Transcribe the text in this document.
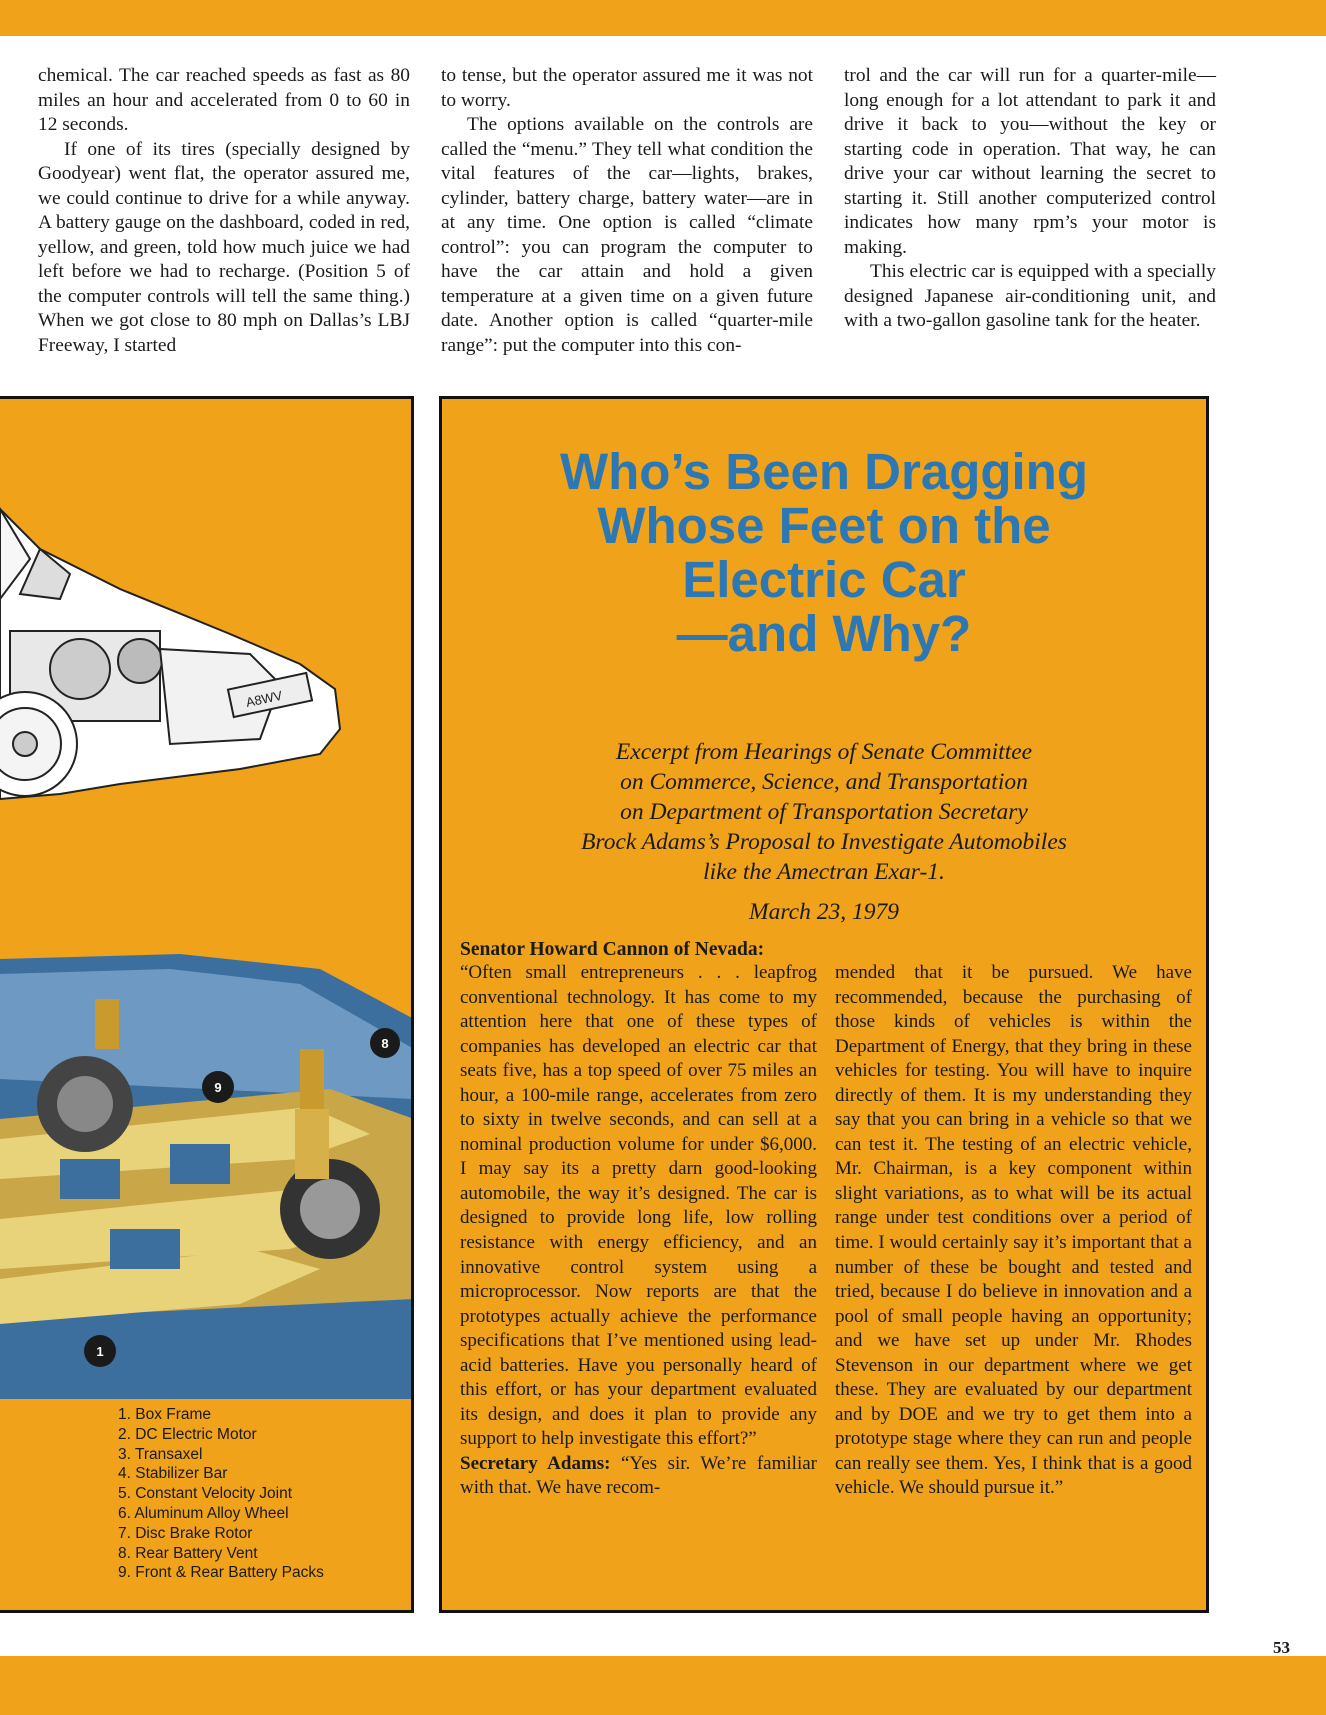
chemical. The car reached speeds as fast as 80 miles an hour and accelerated from 0 to 60 in 12 seconds.

If one of its tires (specially designed by Goodyear) went flat, the operator assured me, we could continue to drive for a while anyway. A battery gauge on the dashboard, coded in red, yellow, and green, told how much juice we had left before we had to recharge. (Position 5 of the computer controls will tell the same thing.) When we got close to 80 mph on Dallas’s LBJ Freeway, I started

to tense, but the operator assured me it was not to worry.

The options available on the controls are called the “menu.” They tell what condition the vital features of the car—lights, brakes, cylinder, battery charge, battery water—are in at any time. One option is called “climate control”: you can program the computer to have the car attain and hold a given temperature at a given time on a given future date. Another option is called “quarter-mile range”: put the computer into this con-

trol and the car will run for a quarter-mile—long enough for a lot attendant to park it and drive it back to you—without the key or starting code in operation. That way, he can drive your car without learning the secret to starting it. Still another computerized control indicates how many rpm’s your motor is making.

This electric car is equipped with a specially designed Japanese air-conditioning unit, and with a two-gallon gasoline tank for the heater.

A8WV
9
8
1
1. Box Frame
2. DC Electric Motor
3. Transaxel
4. Stabilizer Bar
5. Constant Velocity Joint
6. Aluminum Alloy Wheel
7. Disc Brake Rotor
8. Rear Battery Vent
9. Front & Rear Battery Packs
Who’s Been Dragging
Whose Feet on the
Electric Car
—and Why?
Excerpt from Hearings of Senate Committee
on Commerce, Science, and Transportation
on Department of Transportation Secretary
Brock Adams’s Proposal to Investigate Automobiles
like the Amectran Exar-1.
March 23, 1979
Senator Howard Cannon of Nevada:

“Often small entrepreneurs . . . leapfrog conventional technology. It has come to my attention here that one of these types of companies has developed an electric car that seats five, has a top speed of over 75 miles an hour, a 100-mile range, accelerates from zero to sixty in twelve seconds, and can sell at a nominal production volume for under $6,000. I may say its a pretty darn good-looking automobile, the way it’s designed. The car is designed to provide long life, low rolling resistance with energy efficiency, and an innovative control system using a microprocessor. Now reports are that the prototypes actually achieve the performance specifications that I’ve mentioned using lead-acid batteries. Have you personally heard of this effort, or has your department evaluated its design, and does it plan to provide any support to help investigate this effort?”

Secretary Adams: “Yes sir. We’re familiar with that. We have recom-

mended that it be pursued. We have recommended, because the purchasing of those kinds of vehicles is within the Department of Energy, that they bring in these vehicles for testing. You will have to inquire directly of them. It is my understanding they say that you can bring in a vehicle so that we can test it. The testing of an electric vehicle, Mr. Chairman, is a key component within slight variations, as to what will be its actual range under test conditions over a period of time. I would certainly say it’s important that a number of these be bought and tested and tried, because I do believe in innovation and a pool of small people having an opportunity; and we have set up under Mr. Rhodes Stevenson in our department where we get these. They are evaluated by our department and by DOE and we try to get them into a prototype stage where they can run and people can really see them. Yes, I think that is a good vehicle. We should pursue it.”

53
